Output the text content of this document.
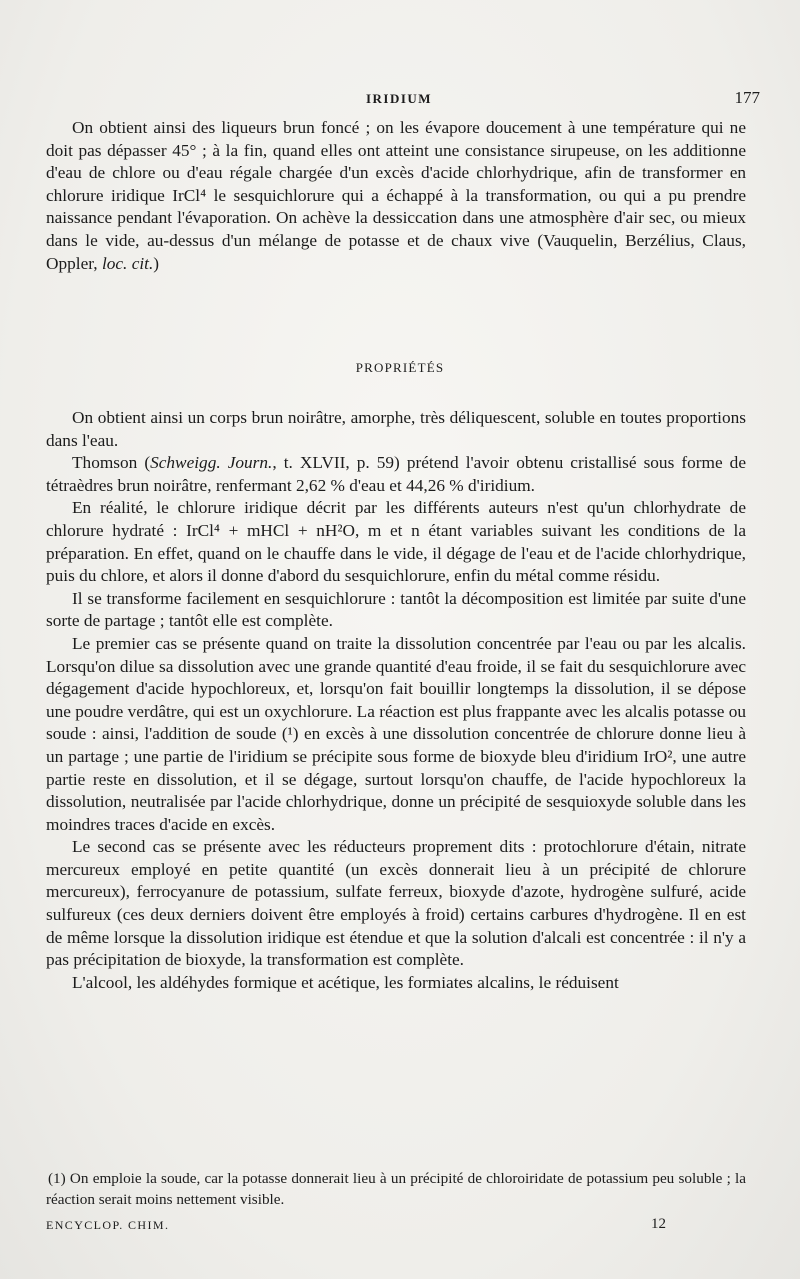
IRIDIUM	177

On obtient ainsi des liqueurs brun foncé ; on les évapore doucement à une température qui ne doit pas dépasser 45° ; à la fin, quand elles ont atteint une consistance sirupeuse, on les additionne d'eau de chlore ou d'eau régale chargée d'un excès d'acide chlorhydrique, afin de transformer en chlorure iridique IrCl⁴ le sesquichlorure qui a échappé à la transformation, ou qui a pu prendre naissance pendant l'évaporation. On achève la dessiccation dans une atmosphère d'air sec, ou mieux dans le vide, au-dessus d'un mélange de potasse et de chaux vive (Vauquelin, Berzélius, Claus, Oppler, loc. cit.)

PROPRIÉTÉS

On obtient ainsi un corps brun noirâtre, amorphe, très déliquescent, soluble en toutes proportions dans l'eau.

Thomson (Schweigg. Journ., t. XLVII, p. 59) prétend l'avoir obtenu cristallisé sous forme de tétraèdres brun noirâtre, renfermant 2,62 % d'eau et 44,26 % d'iridium.

En réalité, le chlorure iridique décrit par les différents auteurs n'est qu'un chlorhydrate de chlorure hydraté : IrCl⁴ + mHCl + nH²O, m et n étant variables suivant les conditions de la préparation. En effet, quand on le chauffe dans le vide, il dégage de l'eau et de l'acide chlorhydrique, puis du chlore, et alors il donne d'abord du sesquichlorure, enfin du métal comme résidu.

Il se transforme facilement en sesquichlorure : tantôt la décomposition est limitée par suite d'une sorte de partage ; tantôt elle est complète.

Le premier cas se présente quand on traite la dissolution concentrée par l'eau ou par les alcalis. Lorsqu'on dilue sa dissolution avec une grande quantité d'eau froide, il se fait du sesquichlorure avec dégagement d'acide hypochloreux, et, lorsqu'on fait bouillir longtemps la dissolution, il se dépose une poudre verdâtre, qui est un oxychlorure. La réaction est plus frappante avec les alcalis potasse ou soude : ainsi, l'addition de soude (¹) en excès à une dissolution concentrée de chlorure donne lieu à un partage ; une partie de l'iridium se précipite sous forme de bioxyde bleu d'iridium IrO², une autre partie reste en dissolution, et il se dégage, surtout lorsqu'on chauffe, de l'acide hypochloreux la dissolution, neutralisée par l'acide chlorhydrique, donne un précipité de sesquioxyde soluble dans les moindres traces d'acide en excès.

Le second cas se présente avec les réducteurs proprement dits : protochlorure d'étain, nitrate mercureux employé en petite quantité (un excès donnerait lieu à un précipité de chlorure mercureux), ferrocyanure de potassium, sulfate ferreux, bioxyde d'azote, hydrogène sulfuré, acide sulfureux (ces deux derniers doivent être employés à froid) certains carbures d'hydrogène. Il en est de même lorsque la dissolution iridique est étendue et que la solution d'alcali est concentrée : il n'y a pas précipitation de bioxyde, la transformation est complète.

L'alcool, les aldéhydes formique et acétique, les formiates alcalins, le réduisent

(1) On emploie la soude, car la potasse donnerait lieu à un précipité de chloroiridate de potassium peu soluble ; la réaction serait moins nettement visible.

ENCYCLOP. CHIM.	12
